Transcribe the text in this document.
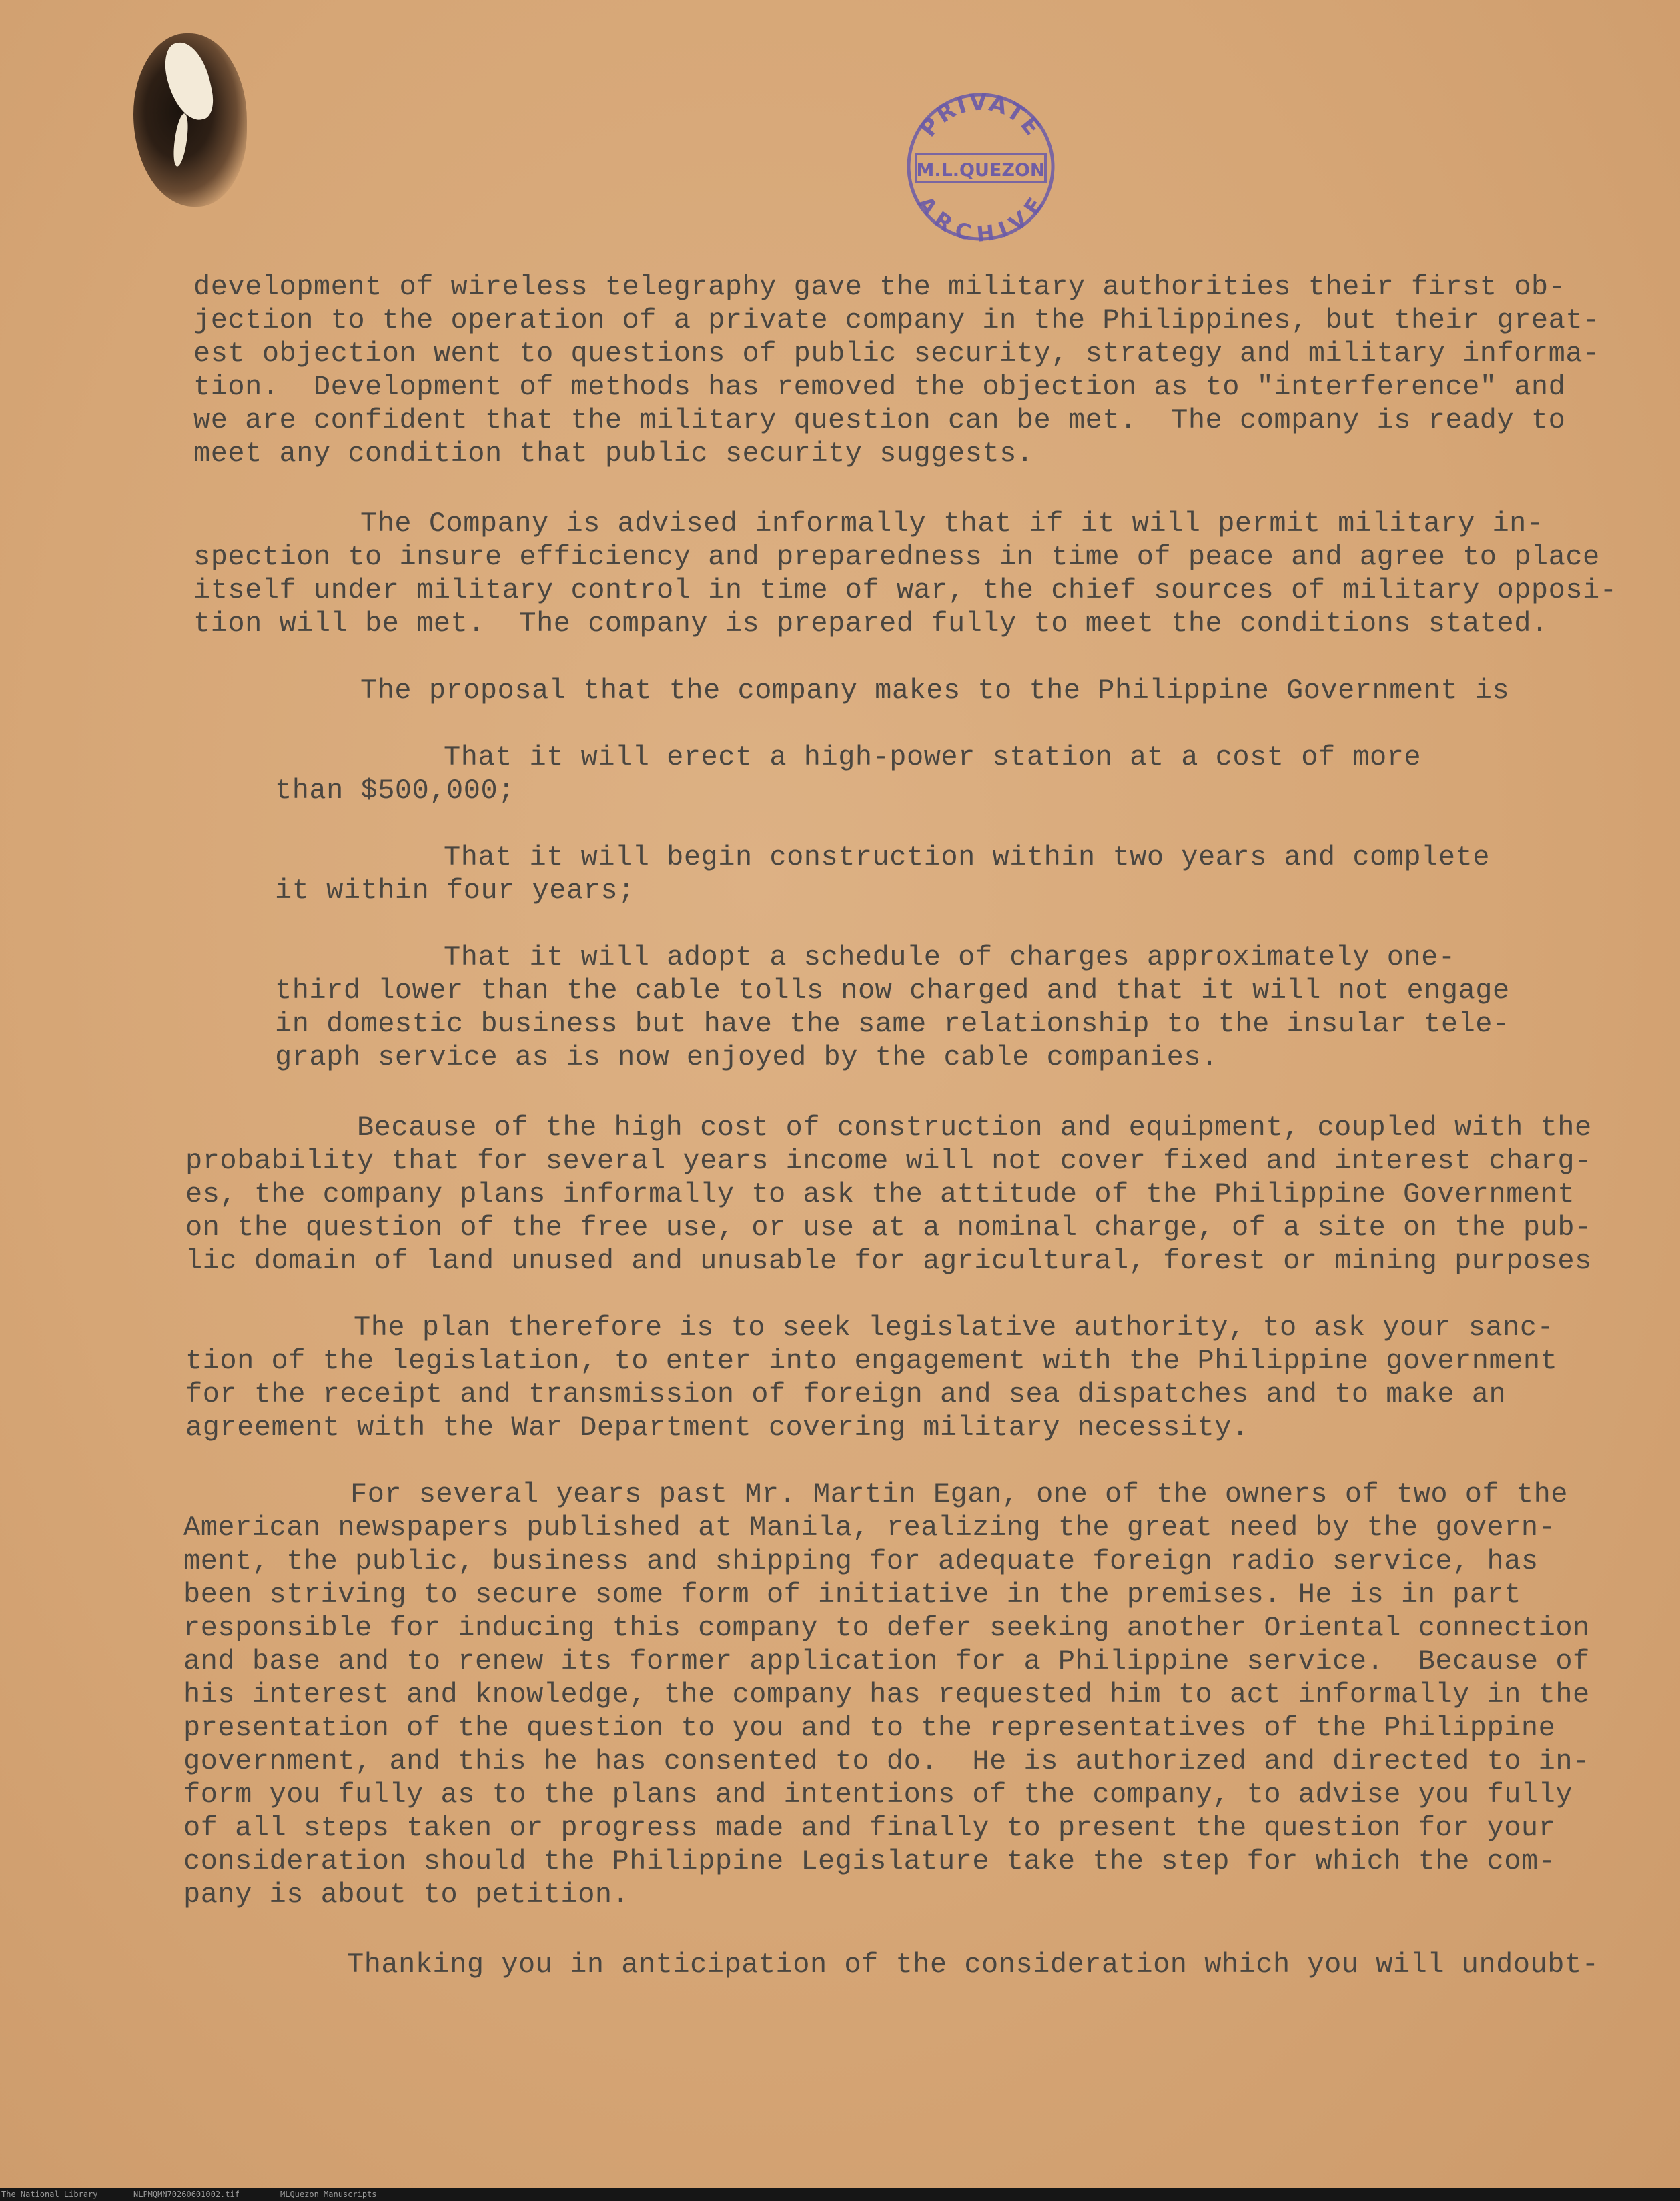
PRIVATE
M.L.QUEZON
ARCHIVE
development of wireless telegraphy gave the military authorities their first ob-
jection to the operation of a private company in the Philippines, but their great-
est objection went to questions of public security, strategy and military informa-
tion.  Development of methods has removed the objection as to "interference" and
we are confident that the military question can be met.  The company is ready to
meet any condition that public security suggests.
The Company is advised informally that if it will permit military in-
spection to insure efficiency and preparedness in time of peace and agree to place
itself under military control in time of war, the chief sources of military opposi-
tion will be met.  The company is prepared fully to meet the conditions stated.
The proposal that the company makes to the Philippine Government is
That it will erect a high-power station at a cost of more
than $500,000;
That it will begin construction within two years and complete
it within four years;
That it will adopt a schedule of charges approximately one-
third lower than the cable tolls now charged and that it will not engage
in domestic business but have the same relationship to the insular tele-
graph service as is now enjoyed by the cable companies.
Because of the high cost of construction and equipment, coupled with the
probability that for several years income will not cover fixed and interest charg-
es, the company plans informally to ask the attitude of the Philippine Government
on the question of the free use, or use at a nominal charge, of a site on the pub-
lic domain of land unused and unusable for agricultural, forest or mining purposes
The plan therefore is to seek legislative authority, to ask your sanc-
tion of the legislation, to enter into engagement with the Philippine government
for the receipt and transmission of foreign and sea dispatches and to make an
agreement with the War Department covering military necessity.
For several years past Mr. Martin Egan, one of the owners of two of the
American newspapers published at Manila, realizing the great need by the govern-
ment, the public, business and shipping for adequate foreign radio service, has
been striving to secure some form of initiative in the premises. He is in part
responsible for inducing this company to defer seeking another Oriental connection
and base and to renew its former application for a Philippine service.  Because of
his interest and knowledge, the company has requested him to act informally in the
presentation of the question to you and to the representatives of the Philippine
government, and this he has consented to do.  He is authorized and directed to in-
form you fully as to the plans and intentions of the company, to advise you fully
of all steps taken or progress made and finally to present the question for your
consideration should the Philippine Legislature take the step for which the com-
pany is about to petition.
Thanking you in anticipation of the consideration which you will undoubt-
The National Library	NLPMQMN70260601002.tif	MLQuezon Manuscripts
